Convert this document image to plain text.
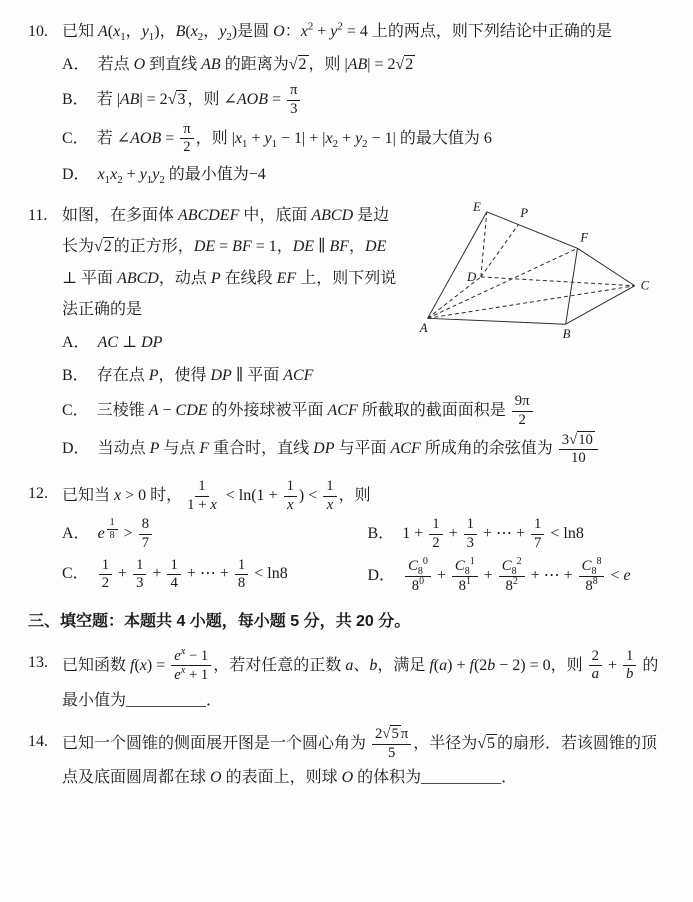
10. 已知 $A(x_1$，$y_1$)，$B(x_2$，$y_2$)是圆 O：$x^2 + y^2 = 4$ 上的两点，则下列结论中正确的是
A． 若点 O 到直线 AB 的距离为√2 ，则 |AB| = 2√2
B． 若 |AB| = 2√3 ，则 ∠AOB = $\frac{\pi}{3}$
C． 若 ∠AOB = $\frac{\pi}{2}$ ，则 $|x_1 + y_1 - 1| + |x_2 + y_2 - 1|$ 的最大值为 6
D． $x_1x_2 + y_1y_2$ 的最小值为−4
E	P
F
D
C
A	B
11. 如图，在多面体 ABCDEF 中，底面 ABCD 是边长为√2 的正方形，DE = BF = 1，DE ∥ BF，DE ⊥ 平面 ABCD，动点 P 在线段 EF 上，则下列说法正确的是
A． AC ⊥ DP
B． 存在点 P，使得 DP ∥ 平面 ACF
C． 三棱锥 A − CDE 的外接球被平面 ACF 所截取的截面面积是 $\frac{9\pi}{2}$
D． 当动点 P 与点 F 重合时，直线 DP 与平面 ACF 所成角的余弦值为 $\frac{3√10}{10}$
12. 已知当 x > 0 时， $\frac{1}{1 + x} < \ln(1 + \frac{1}{x}$ ) < $\frac{1}{x}$ ，则
A． e $^{\frac{1}{8}} > \frac{8}{7}$	B． $1 + \frac{1}{2} + \frac{1}{3}$ + ⋯ + $\frac{1}{7} < \ln 8$
C． $\frac{1}{2} + \frac{1}{3} + \frac{1}{4}$ + ⋯ + $\frac{1}{8} < \ln 8$	D． $\frac{C_8^0}{8^0} + \frac{C_8^1}{8^1} + \frac{C_8^2}{8^2}$ + ⋯ + $\frac{C_8^8}{8^8} < e$
三、填空题：本题共 4 小题，每小题 5 分，共 20 分。
13. 已知函数 $f(x) = \frac{e^x - 1}{e^x + 1}$ ，若对任意的正数 a、b，满足 f(a) + f(2b − 2) = 0，则 $\frac{2}{a} + \frac{1}{b}$ 的最小值为__________．
14. 已知一个圆锥的侧面展开图是一个圆心角为 $\frac{2√5 \pi}{5}$ ，半径为√5 的扇形．若该圆锥的顶点及底面圆周都在球 O 的表面上，则球 O 的体积为__________．
